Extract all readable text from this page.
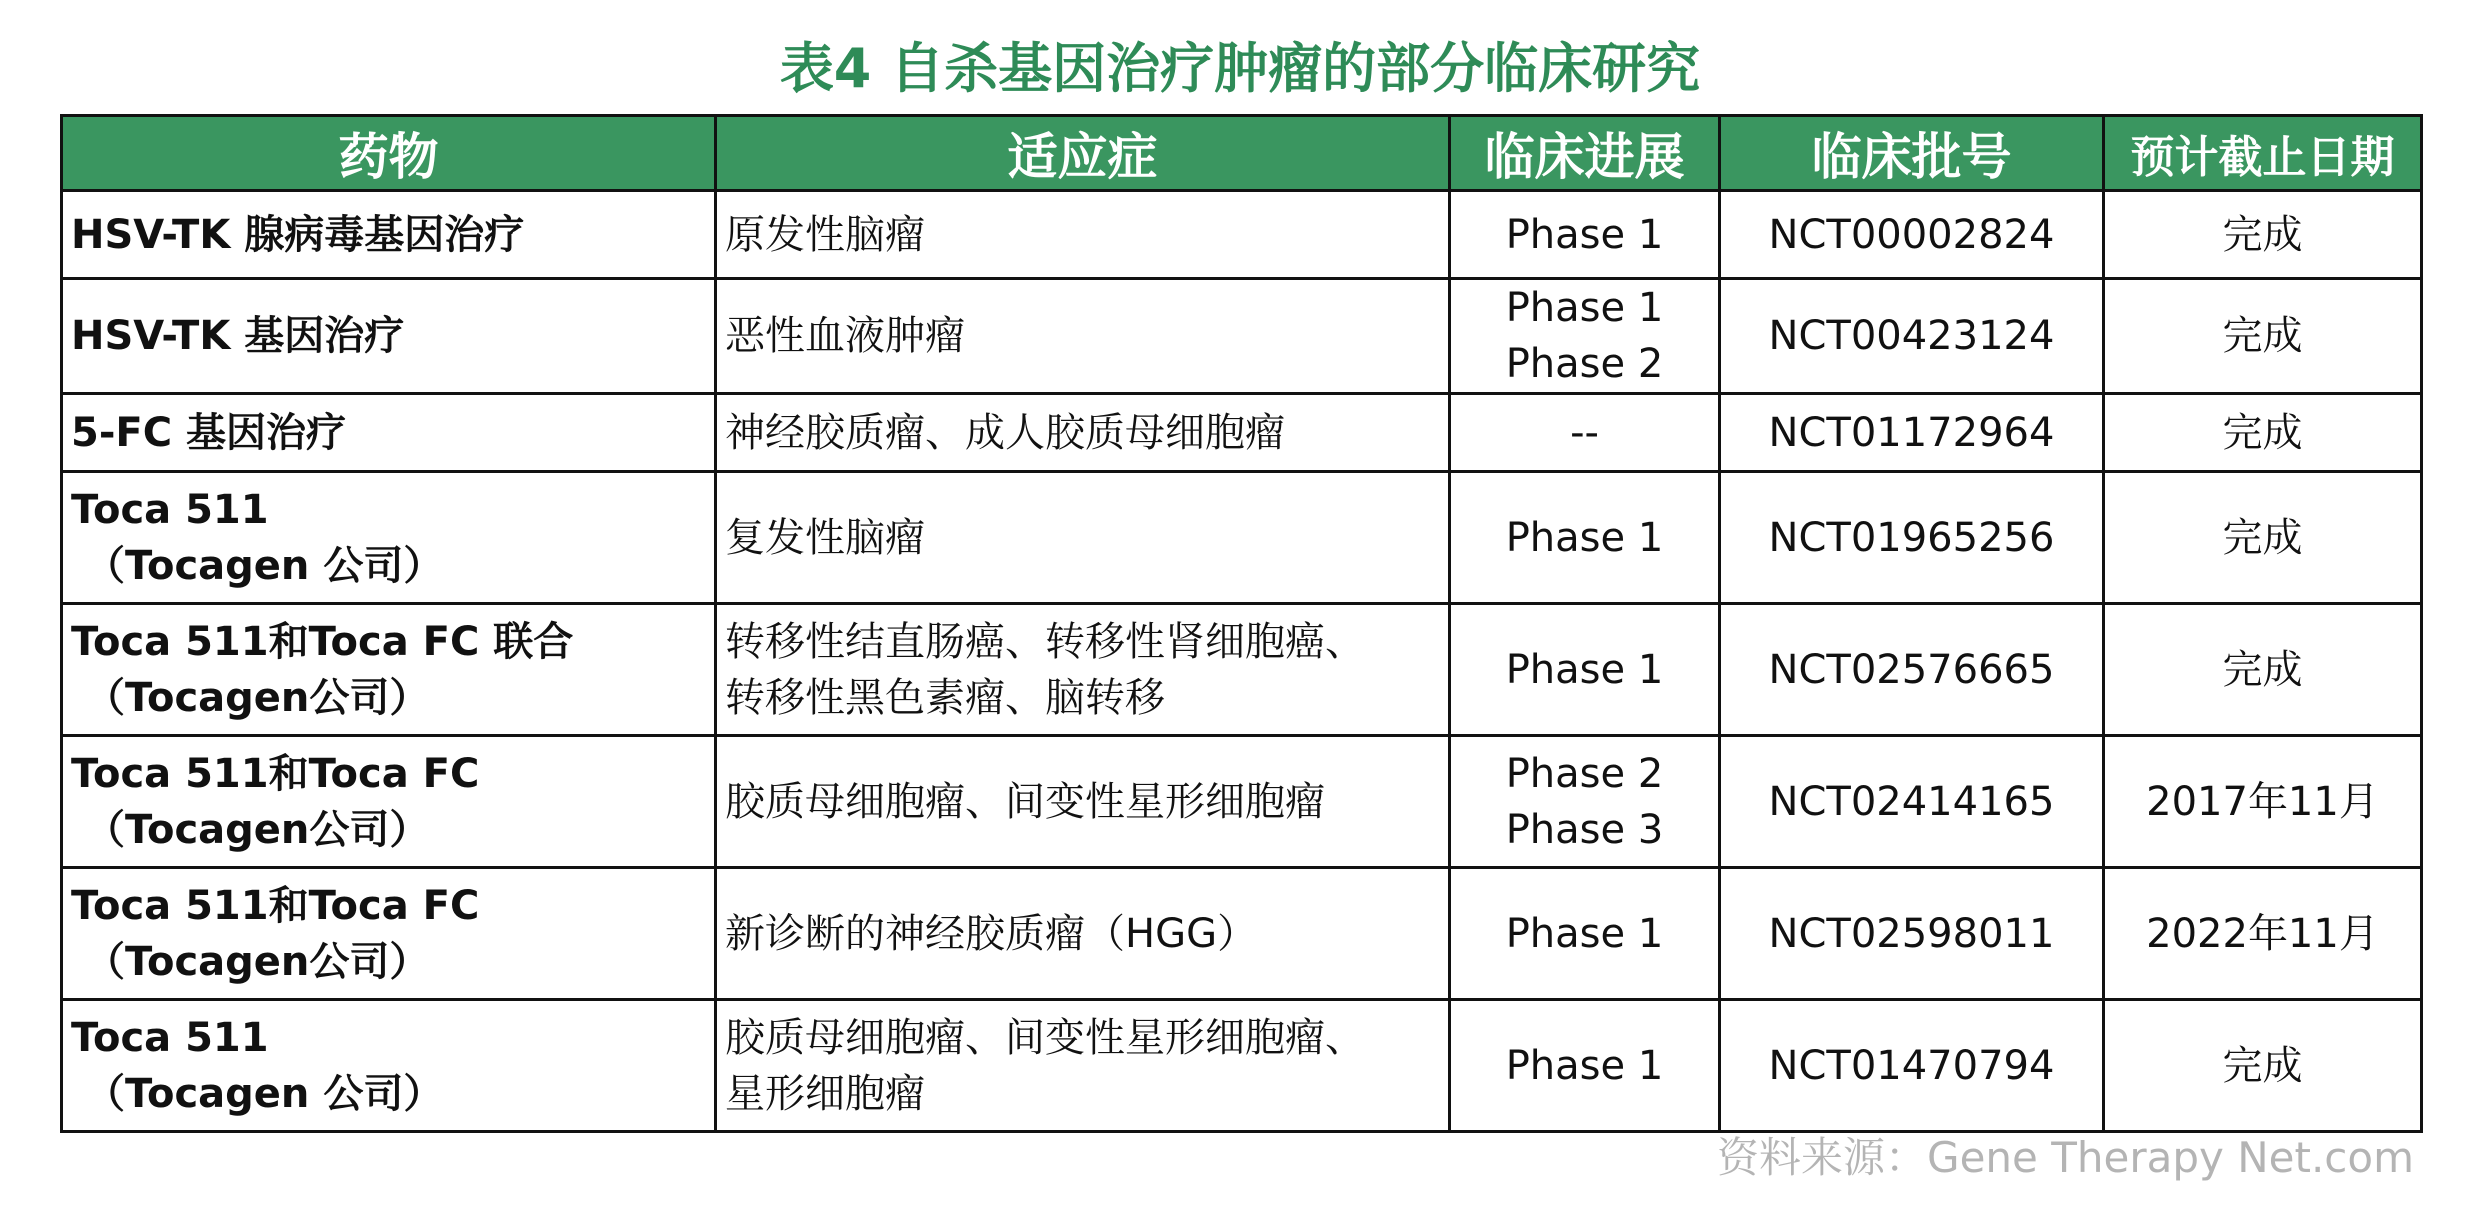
表4 自杀基因治疗肿瘤的部分临床研究
药物	适应症	临床进展	临床批号	预计截止日期

HSV-TK 腺病毒基因治疗	原发性脑瘤	Phase 1	NCT00002824	完成

HSV-TK 基因治疗	恶性血液肿瘤	Phase 1
Phase 2	NCT00423124	完成

5-FC 基因治疗	神经胶质瘤、成人胶质母细胞瘤	--	NCT01172964	完成

Toca 511
（Tocagen 公司）	复发性脑瘤	Phase 1	NCT01965256	完成

Toca 511和Toca FC 联合
（Tocagen公司）	转移性结直肠癌、转移性肾细胞癌、
转移性黑色素瘤、脑转移	Phase 1	NCT02576665	完成

Toca 511和Toca FC
（Tocagen公司）	胶质母细胞瘤、间变性星形细胞瘤	Phase 2
Phase 3	NCT02414165	2017年11月

Toca 511和Toca FC
（Tocagen公司）	新诊断的神经胶质瘤（HGG）	Phase 1	NCT02598011	2022年11月

Toca 511
（Tocagen 公司）	胶质母细胞瘤、间变性星形细胞瘤、
星形细胞瘤	Phase 1	NCT01470794	完成
资料来源：Gene Therapy Net.com
